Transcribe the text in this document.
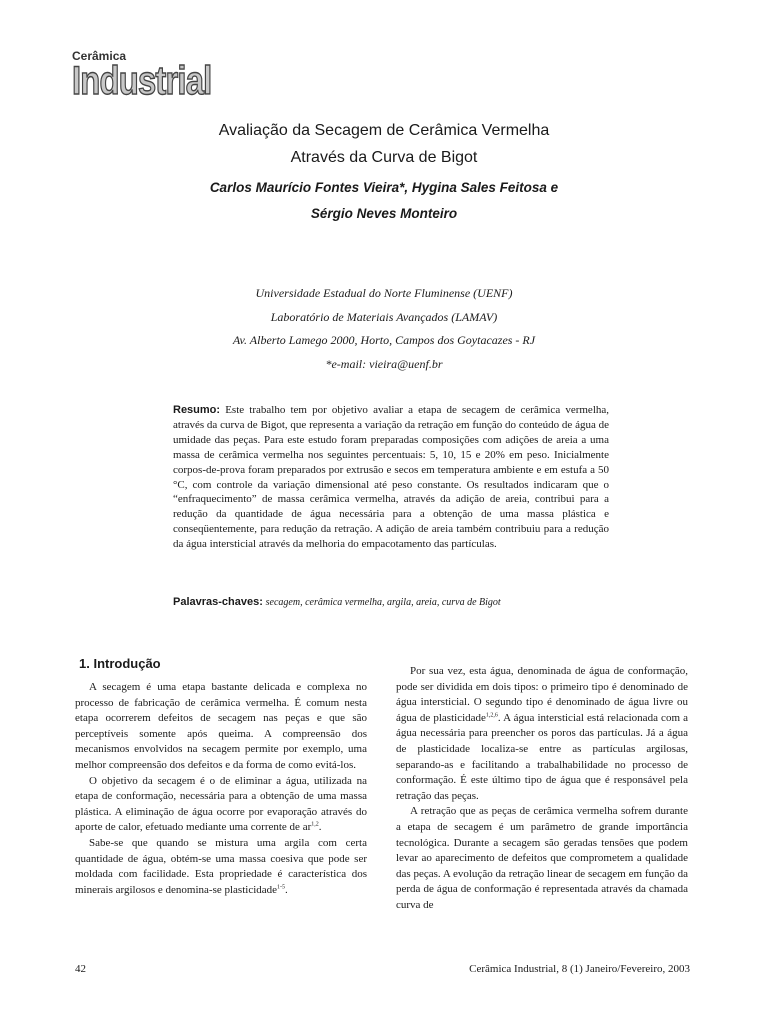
Cerâmica
Industrial
Avaliação da Secagem de Cerâmica Vermelha
Através da Curva de Bigot
Carlos Maurício Fontes Vieira*, Hygina Sales Feitosa e
Sérgio Neves Monteiro
Universidade Estadual do Norte Fluminense (UENF)
Laboratório de Materiais Avançados (LAMAV)
Av. Alberto Lamego 2000, Horto, Campos dos Goytacazes - RJ
*e-mail: vieira@uenf.br
Resumo: Este trabalho tem por objetivo avaliar a etapa de secagem de cerâmica vermelha, através da curva de Bigot, que representa a variação da retração em função do conteúdo de água de umidade das peças. Para este estudo foram preparadas composições com adições de areia a uma massa de cerâmica vermelha nos seguintes percentuais: 5, 10, 15 e 20% em peso. Inicialmente corpos-de-prova foram preparados por extrusão e secos em temperatura ambiente e em estufa a 50 °C, com controle da variação dimensional até peso constante. Os resultados indicaram que o “enfraquecimento” de massa cerâmica vermelha, através da adição de areia, contribui para a redução da quantidade de água necessária para a obtenção de uma massa plástica e conseqüentemente, para redução da retração. A adição de areia também contribuiu para a redução da água intersticial através da melhoria do empacotamento das partículas.
Palavras-chaves: secagem, cerâmica vermelha, argila, areia, curva de Bigot
1. Introdução

A secagem é uma etapa bastante delicada e complexa no processo de fabricação de cerâmica vermelha. É comum nesta etapa ocorrerem defeitos de secagem nas peças e que são perceptíveis somente após queima. A compreensão dos mecanismos envolvidos na secagem permite por exemplo, uma melhor compreensão dos defeitos e da forma de como evitá-los.

O objetivo da secagem é o de eliminar a água, utilizada na etapa de conformação, necessária para a obtenção de uma massa plástica. A eliminação de água ocorre por evaporação através do aporte de calor, efetuado mediante uma corrente de ar$^{1,2}$.

Sabe-se que quando se mistura uma argila com certa quantidade de água, obtém-se uma massa coesiva que pode ser moldada com facilidade. Esta propriedade é característica dos minerais argilosos e denomina-se plasticidade$^{1-5}$.

Por sua vez, esta água, denominada de água de conformação, pode ser dividida em dois tipos: o primeiro tipo é denominado de água intersticial. O segundo tipo é denominado de água livre ou água de plasticidade$^{1,2,6}$. A água intersticial está relacionada com a água necessária para preencher os poros das partículas. Já a água de plasticidade localiza-se entre as partículas argilosas, separando-as e facilitando a trabalhabilidade no processo de conformação. É este último tipo de água que é responsável pela retração das peças.

A retração que as peças de cerâmica vermelha sofrem durante a etapa de secagem é um parâmetro de grande importância tecnológica. Durante a secagem são geradas tensões que podem levar ao aparecimento de defeitos que comprometem a qualidade das peças. A evolução da retração linear de secagem em função da perda de água de conformação é representada através da chamada curva de

42	Cerâmica Industrial, 8 (1) Janeiro/Fevereiro, 2003
